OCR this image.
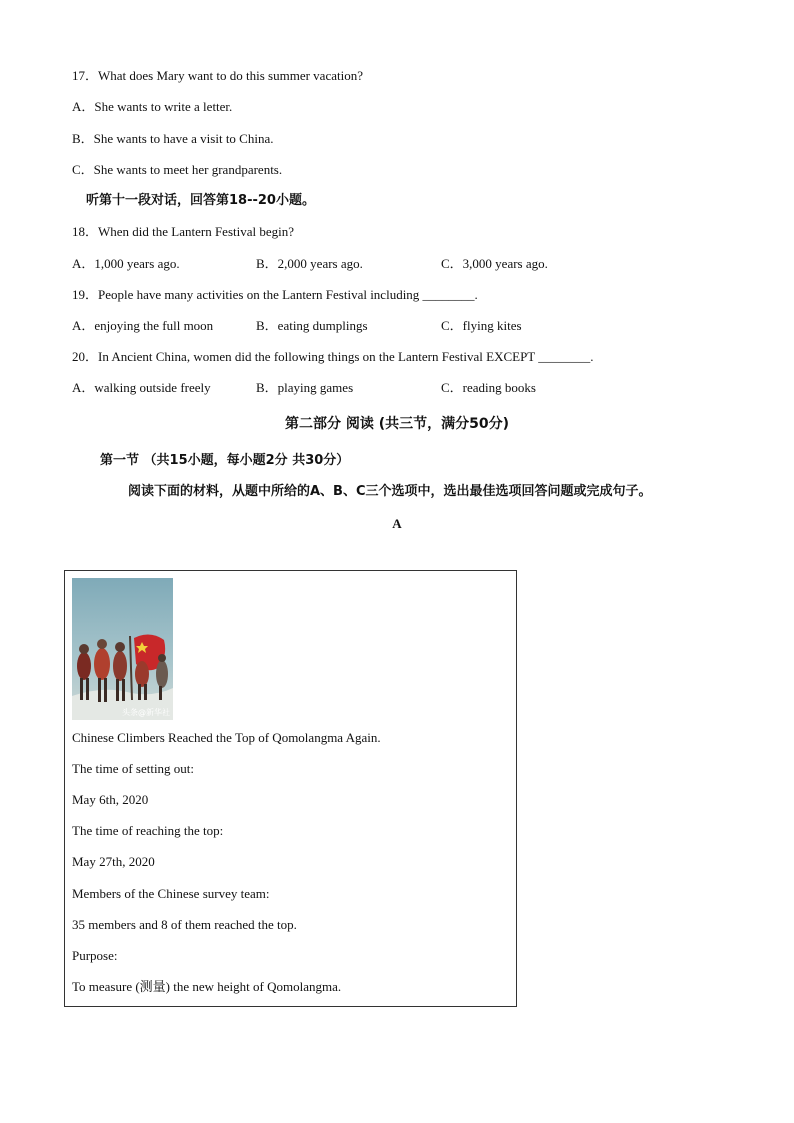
17．What does Mary want to do this summer vacation?
A．She wants to write a letter.
B．She wants to have a visit to China.
C．She wants to meet her grandparents.
听第十一段对话，回答第18--20小题。
18．When did the Lantern Festival begin?
A．1,000 years ago.	B．2,000 years ago.	C．3,000 years ago.
19．People have many activities on the Lantern Festival including ________.
A．enjoying the full moon	B．eating dumplings	C．flying kites
20．In Ancient China, women did the following things on the Lantern Festival EXCEPT ________.
A．walking outside freely	B．playing games	C．reading books
第二部分 阅读 (共三节，满分50分)
第一节 （共15小题，每小题2分 共30分）
阅读下面的材料，从题中所给的A、B、C三个选项中，选出最佳选项回答问题或完成句子。
A
头条@新华社
Chinese Climbers Reached the Top of Qomolangma Again.
The time of setting out:
May 6th, 2020
The time of reaching the top:
May 27th, 2020
Members of the Chinese survey team:
35 members and 8 of them reached the top.
Purpose:
To measure (测量) the new height of Qomolangma.
